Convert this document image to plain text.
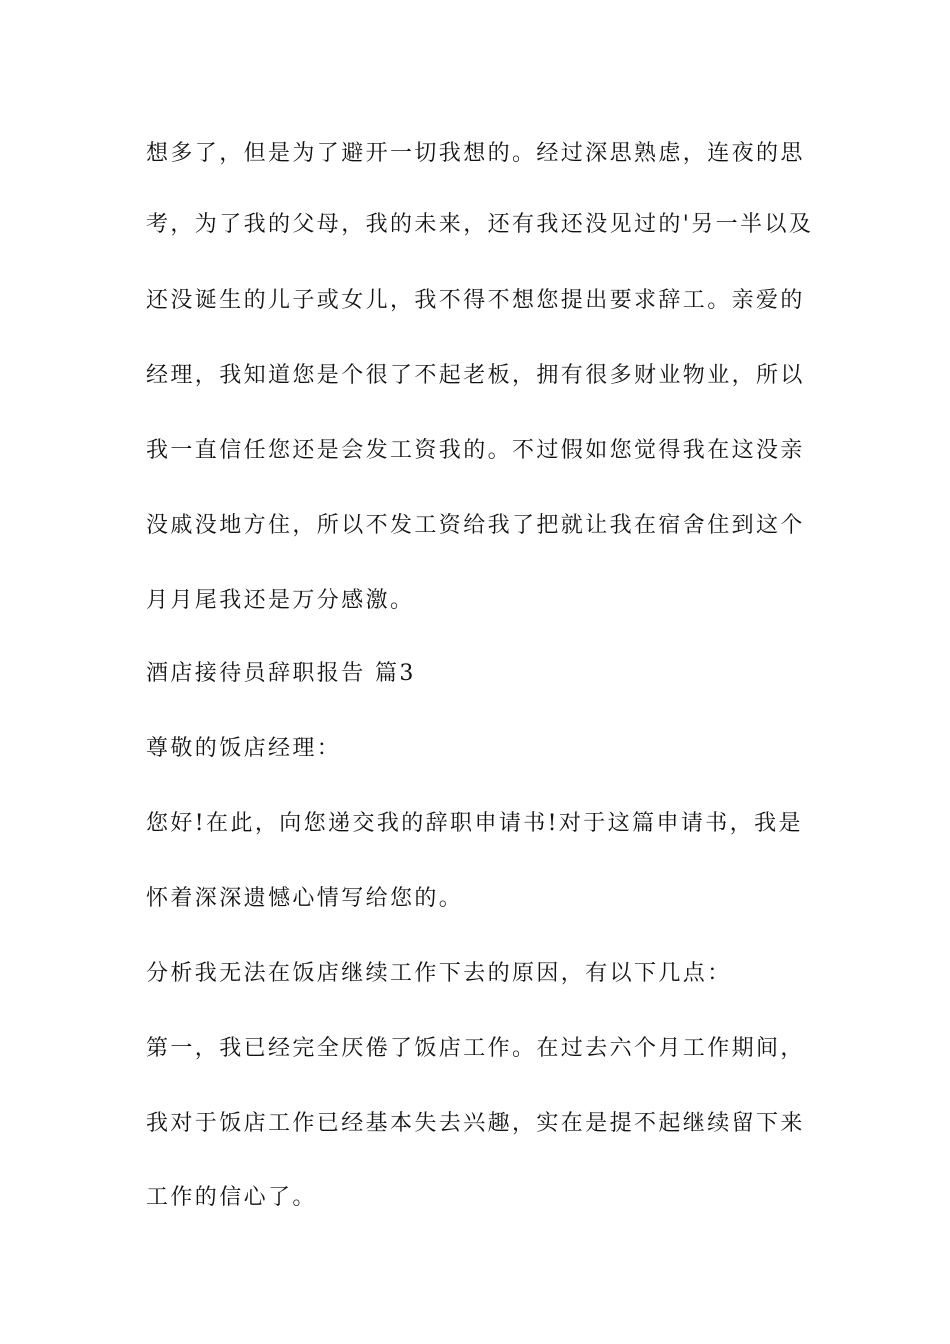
想多了，但是为了避开一切我想的。经过深思熟虑，连夜的思
考，为了我的父母，我的未来，还有我还没见过的'另一半以及
还没诞生的儿子或女儿，我不得不想您提出要求辞工。亲爱的
经理，我知道您是个很了不起老板，拥有很多财业物业，所以
我一直信任您还是会发工资我的。不过假如您觉得我在这没亲
没戚没地方住，所以不发工资给我了把就让我在宿舍住到这个
月月尾我还是万分感激。
酒店接待员辞职报告 篇3
尊敬的饭店经理：
您好!在此，向您递交我的辞职申请书!对于这篇申请书，我是
怀着深深遗憾心情写给您的。
分析我无法在饭店继续工作下去的原因，有以下几点：
第一，我已经完全厌倦了饭店工作。在过去六个月工作期间，
我对于饭店工作已经基本失去兴趣，实在是提不起继续留下来
工作的信心了。
